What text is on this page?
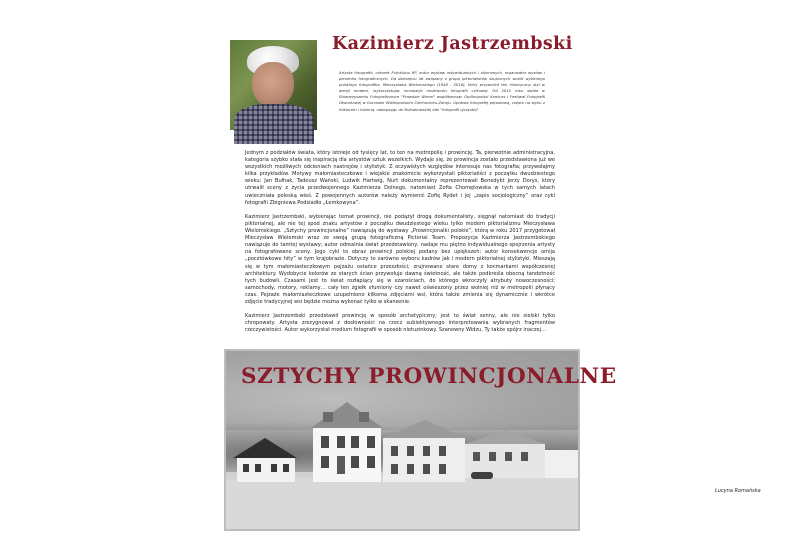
Kazimierz Jastrzembski

Artysta fotografik, członek Fotoklubu RP, autor wystaw indywidualnych i zbiorowych, organizator wystaw i plenerów fotograficznych. Od dziesięciu lat związany z grupą piktorialistów skupionych wokół wybitnego polskiego fotografika, Mieczysława Wielomskiego (1948 - 2016), który przywrócił ten historyczny styl w wersji modern, wykorzystując innowacje możliwości fotografii cyfrowej. Od 2015 roku działa w Stowarzyszeniu Fotograficznym "Prawdzie Wierni" współtworząc Ogólnopolski Konkurs i Festiwal Fotografii Otworkowej w Gorzowie Wielkopolskim Ciechocinku-Zdroju. Uprawia fotografię pejzażową, często na styku z folklorem i historią, nawiązując do Bułhakowskiej idei "fotografii ojczystej".

Jednym z podziałów świata, który istnieje od tysięcy lat, to ten na metropolię i prowincję. Ta, pierwotnie administracyjna, kategoria szybko stała się inspiracją dla artystów sztuk wszelkich. Wydaje się, że prowincja zostało przedstawiona już we wszystkich możliwych odcieniach nastrojów i stylistyk. Z oczywistych względów interesuje nas fotografia; przywołajmy kilka przykładów. Motywy małomiasteczkowe i wiejskie znakomicie wykorzystali piktorialiści z początku dwudziestego wieku; Jan Bułhak, Tadeusz Wański, Ludwik Hartwig, Nurt dokumentalny reprezentowali Benedykt Jerzy Dorys, który utrwalił sceny z życia przedwojennego Kazimierza Dolnego, natomiast Zofia Chomętowska w tych samych latach uwieczniała poleską wieś. Z powojennych autorów należy wymienić Zofię Rydet i jej „zapis socjologiczny” oraz cykl fotografii Zbigniewa Podsiadło „Łemkowyna”.

Kazimierz Jastrzembski, wybierając temat prowincji, nie podążył drogą dokumentalisty, sięgnął natomiast do tradycji piktorialnej, ale nie tej spod znaku artystów z początku dwudziestego wieku tylko modern piktorializmu Mieczysława Wielomskiego. „Sztychy prowincjonalne” nawiązują do wystawy „Prowincjonalki polskie”, którą w roku 2017 przygotował Mieczysław Wielomski wraz ze swoją grupą fotograficzną Pictorial Team. Propozycja Kazimierza Jastrzembskiego nawiązuje do tamtej wystawy; autor odrealnia świat przedstawiony, nadaje mu piętno indywidualnego spojrzenia artysty na fotografowane sceny. Jego cykl to obraz prowincji polskiej podany bez upiększeń; autor konsekwencje omija „pocztówkowe hity” w tym krajobrazie. Dotyczy to zarówno wyboru kadrów jak i modern piktorialnej stylistyki. Mieszają się w tym małomiasteczkowym pejzażu ostańce przeszłości; zrujnowane stare domy z kocmarkami współczesnej architektury. Wydobycie kolorów ze starych ścian przywołuje dawną świetność, ale także podkreśla obecną tandetność tych budowli. Czasami jest to świat rozłapiący się w szarościach, do którego wkroczyły atrybuty nowoczesności; samochody, motory, reklamy… cały ten zgiełk sfumiony czy nawet oświeszony przez wolniej niż w metropolii płynący czas. Pejzaże małomiasteczkowe uzupełniono kilkoma zdjęciami wsi, która także zmienia się dynamicznie i wkrótce zdjęcie tradycyjnej wsi będzie można wykonać tylko w skansenie.

Kazimierz Jastrzembski przedstawił prowincję w sposób archetypiczny; jest to świat senny, ale nie sielski tylko chropowaty. Artysta zrezygnował z dosłowności na rzecz subiektywnego interpretowania wybranych fragmentów rzeczywistości. Autor wykorzystał medium fotografii w sposób nietuzinkowy. Szanowny Widzu, Ty także spójrz inaczej…

Lucyna Romańska
SZTYCHY PROWINCJONALNE
